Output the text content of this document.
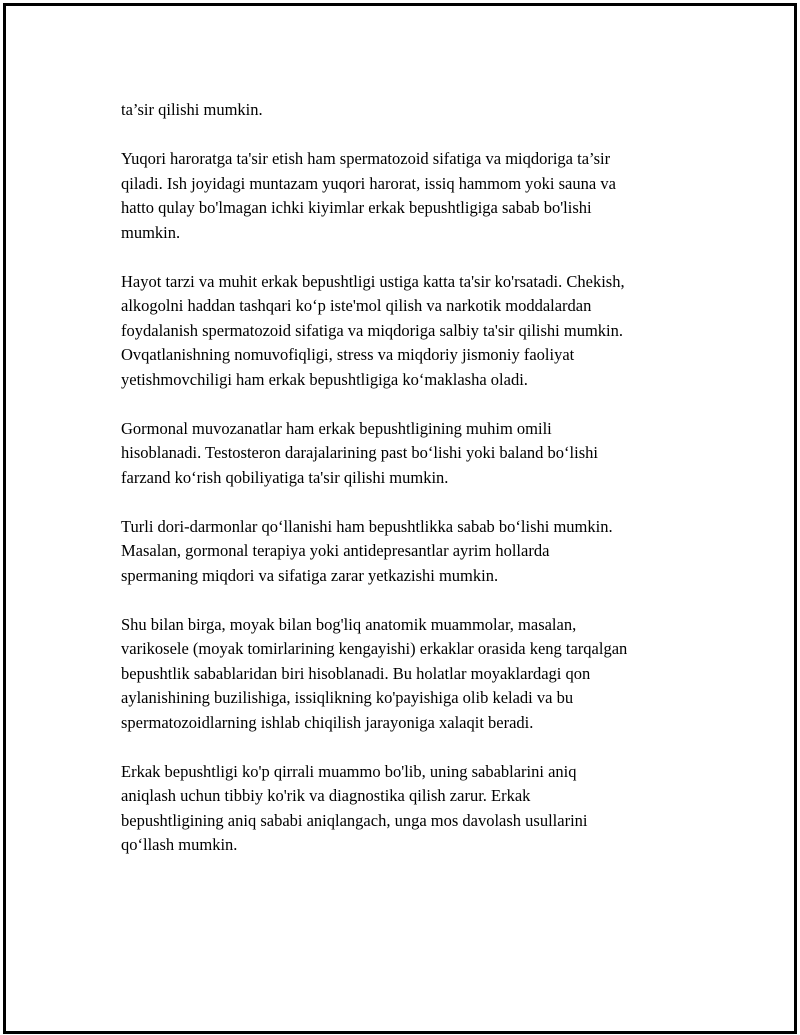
ta’sir qilishi mumkin.

Yuqori haroratga ta'sir etish ham spermatozoid sifatiga va miqdoriga ta’sir
qiladi. Ish joyidagi muntazam yuqori harorat, issiq hammom yoki sauna va
hatto qulay bo'lmagan ichki kiyimlar erkak bepushtligiga sabab bo'lishi
mumkin.

Hayot tarzi va muhit erkak bepushtligi ustiga katta ta'sir ko'rsatadi. Chekish,
alkogolni haddan tashqari ko‘p iste'mol qilish va narkotik moddalardan
foydalanish spermatozoid sifatiga va miqdoriga salbiy ta'sir qilishi mumkin.
Ovqatlanishning nomuvofiqligi, stress va miqdoriy jismoniy faoliyat
yetishmovchiligi ham erkak bepushtligiga ko‘maklasha oladi.

Gormonal muvozanatlar ham erkak bepushtligining muhim omili
hisoblanadi. Testosteron darajalarining past bo‘lishi yoki baland bo‘lishi
farzand ko‘rish qobiliyatiga ta'sir qilishi mumkin.

Turli dori-darmonlar qo‘llanishi ham bepushtlikka sabab bo‘lishi mumkin.
Masalan, gormonal terapiya yoki antidepresantlar ayrim hollarda
spermaning miqdori va sifatiga zarar yetkazishi mumkin.

Shu bilan birga, moyak bilan bog'liq anatomik muammolar, masalan,
varikosele (moyak tomirlarining kengayishi) erkaklar orasida keng tarqalgan
bepushtlik sabablaridan biri hisoblanadi. Bu holatlar moyaklardagi qon
aylanishining buzilishiga, issiqlikning ko'payishiga olib keladi va bu
spermatozoidlarning ishlab chiqilish jarayoniga xalaqit beradi.

Erkak bepushtligi ko'p qirrali muammo bo'lib, uning sabablarini aniq
aniqlash uchun tibbiy ko'rik va diagnostika qilish zarur. Erkak
bepushtligining aniq sababi aniqlangach, unga mos davolash usullarini
qo‘llash mumkin.
